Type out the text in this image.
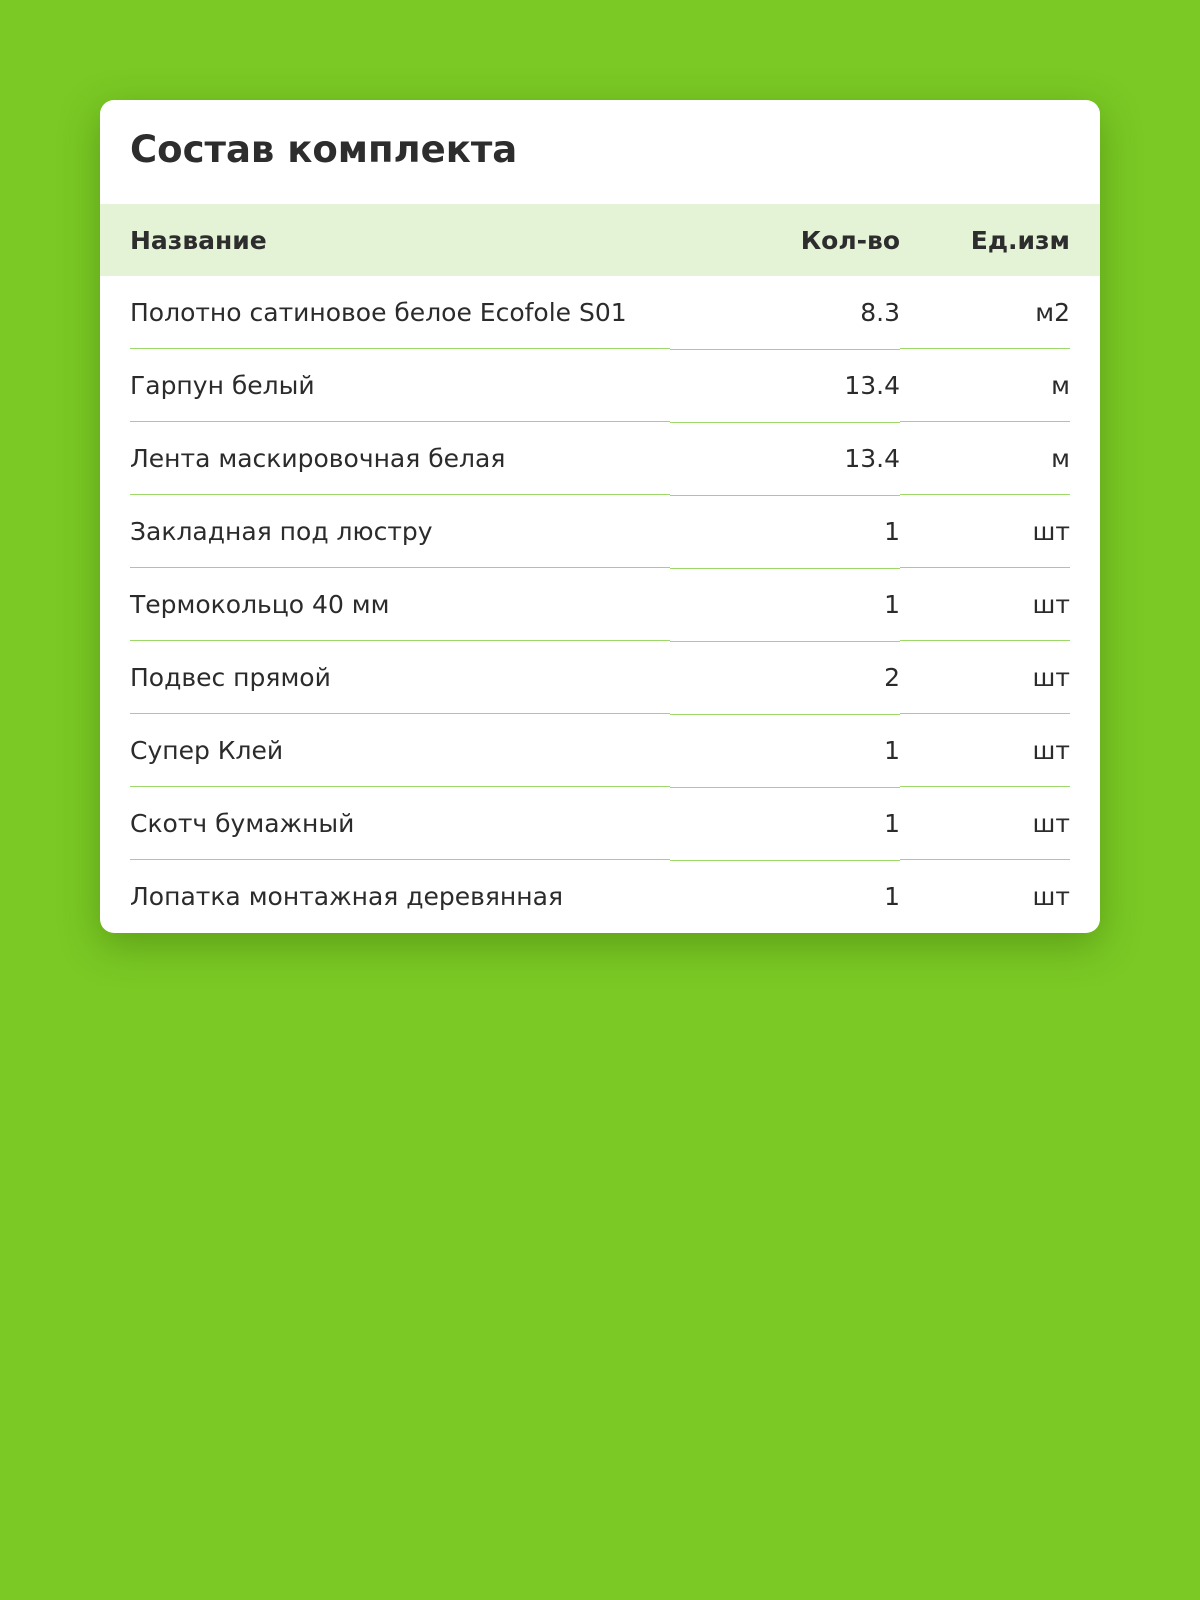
Состав комплекта
Название	Кол-во	Ед.изм
Полотно сатиновое белое Ecofole S01	8.3	м2
Гарпун белый	13.4	м
Лента маскировочная белая	13.4	м
Закладная под люстру	1	шт
Термокольцо 40 мм	1	шт
Подвес прямой	2	шт
Супер Клей	1	шт
Скотч бумажный	1	шт
Лопатка монтажная деревянная	1	шт
